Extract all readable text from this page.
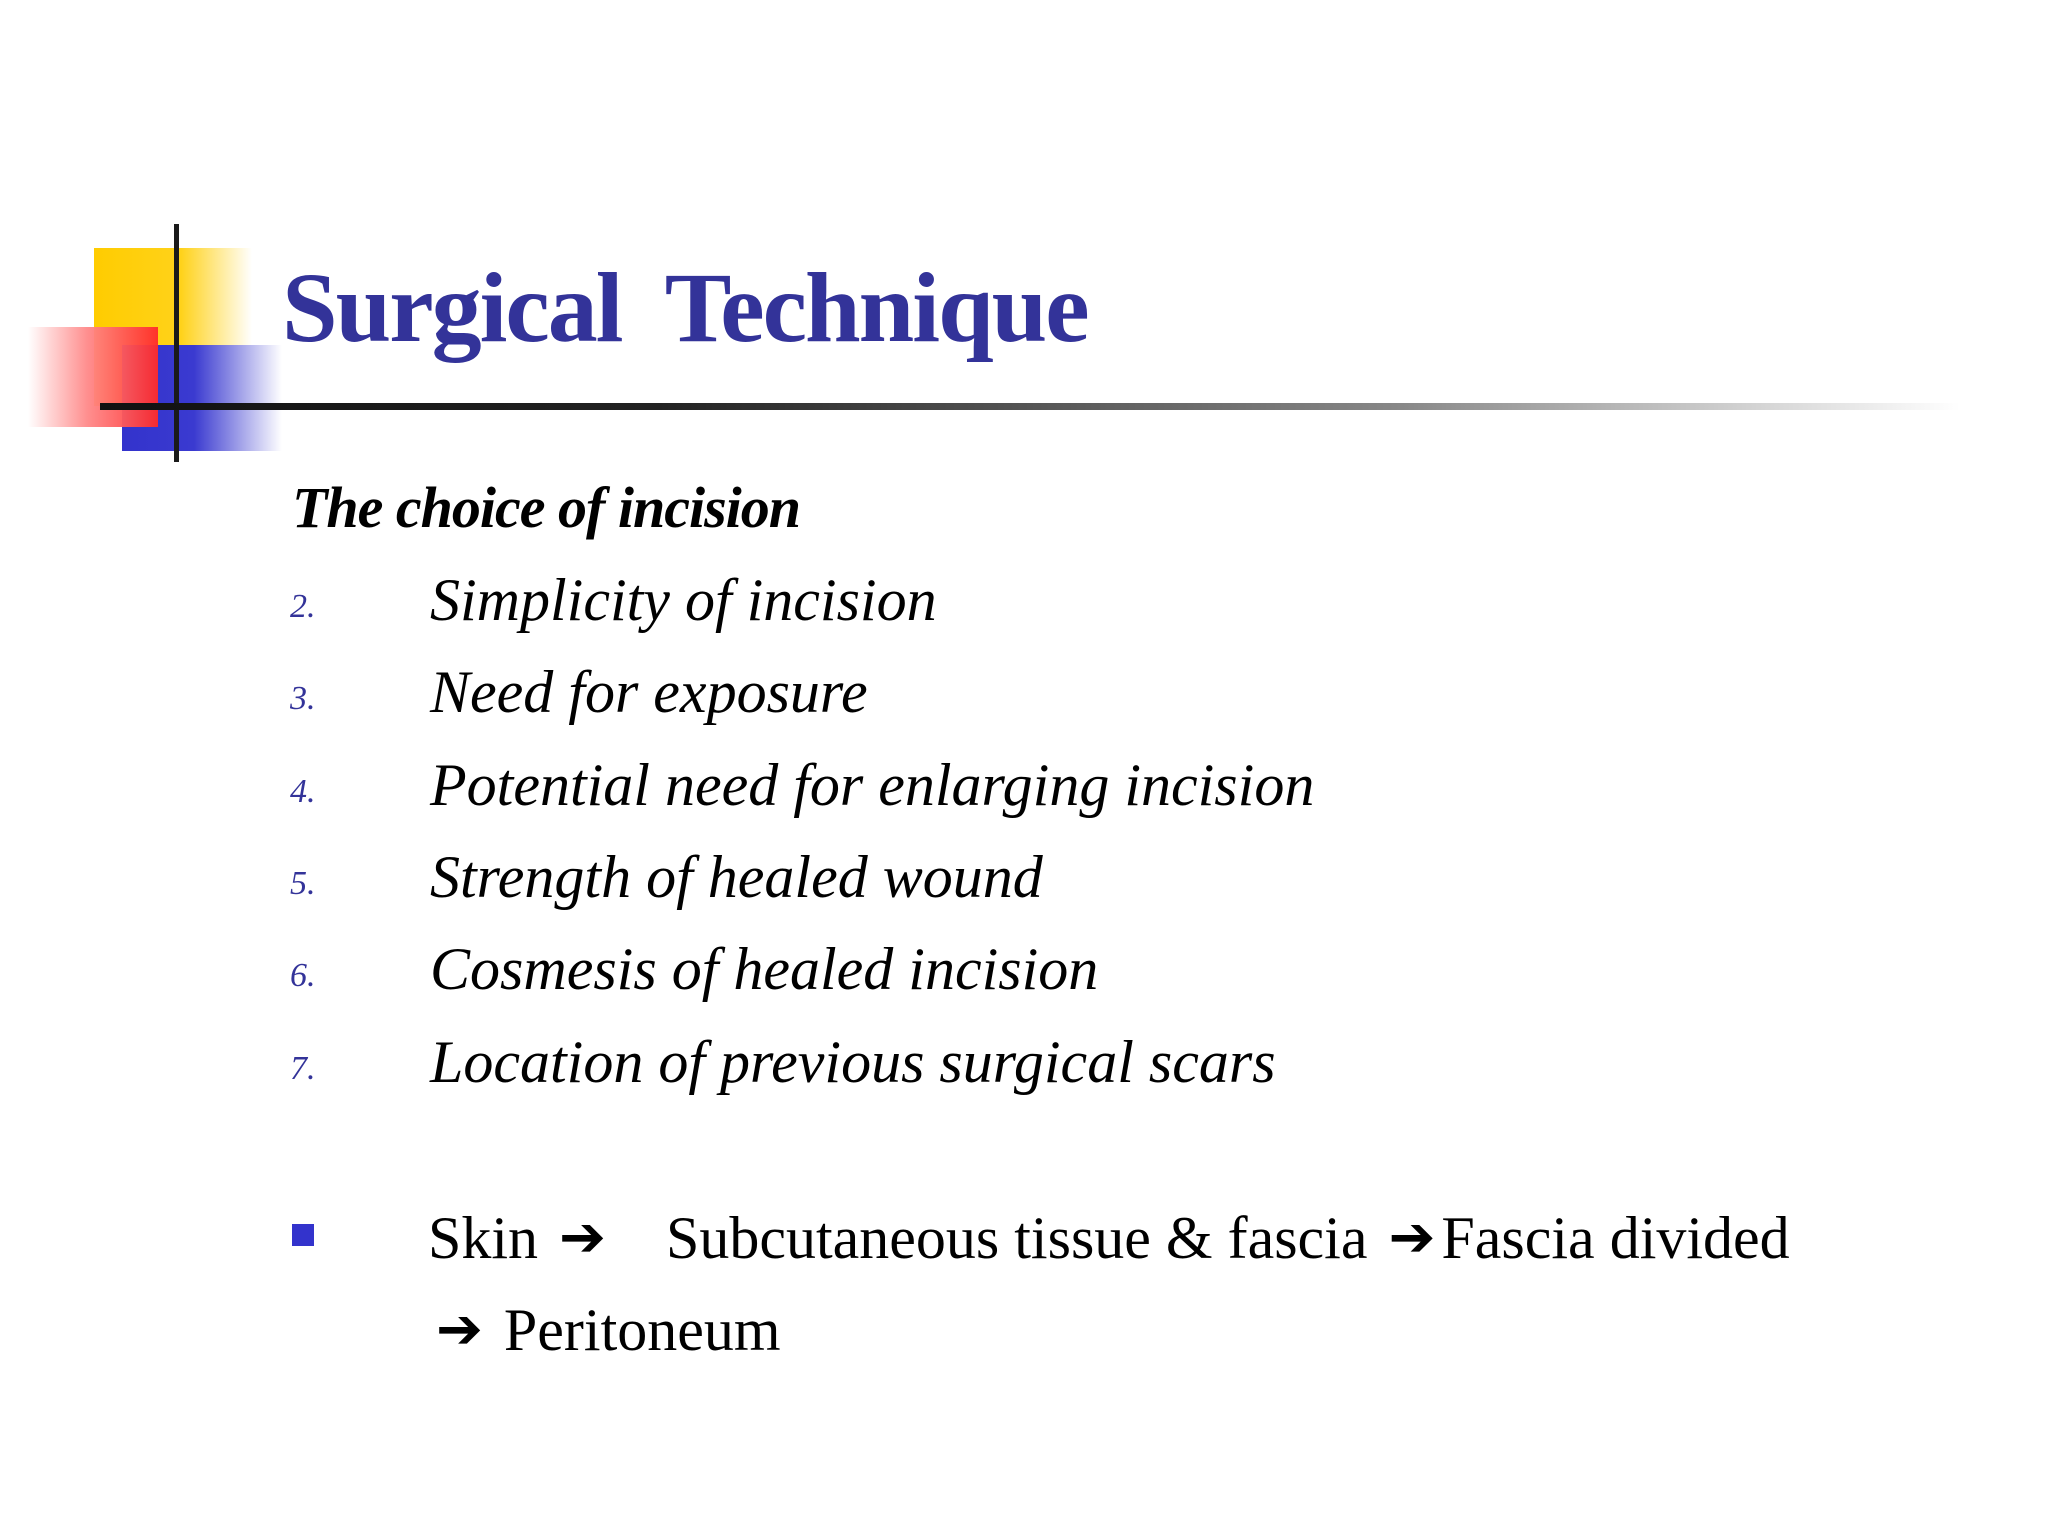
Surgical Technique
The choice of incision
2. Simplicity of incision
3. Need for exposure
4. Potential need for enlarging incision
5. Strength of healed wound
6. Cosmesis of healed incision
7. Location of previous surgical scars
Skin ➔ Subcutaneous tissue & fascia ➔ Fascia divided
➔ Peritoneum
